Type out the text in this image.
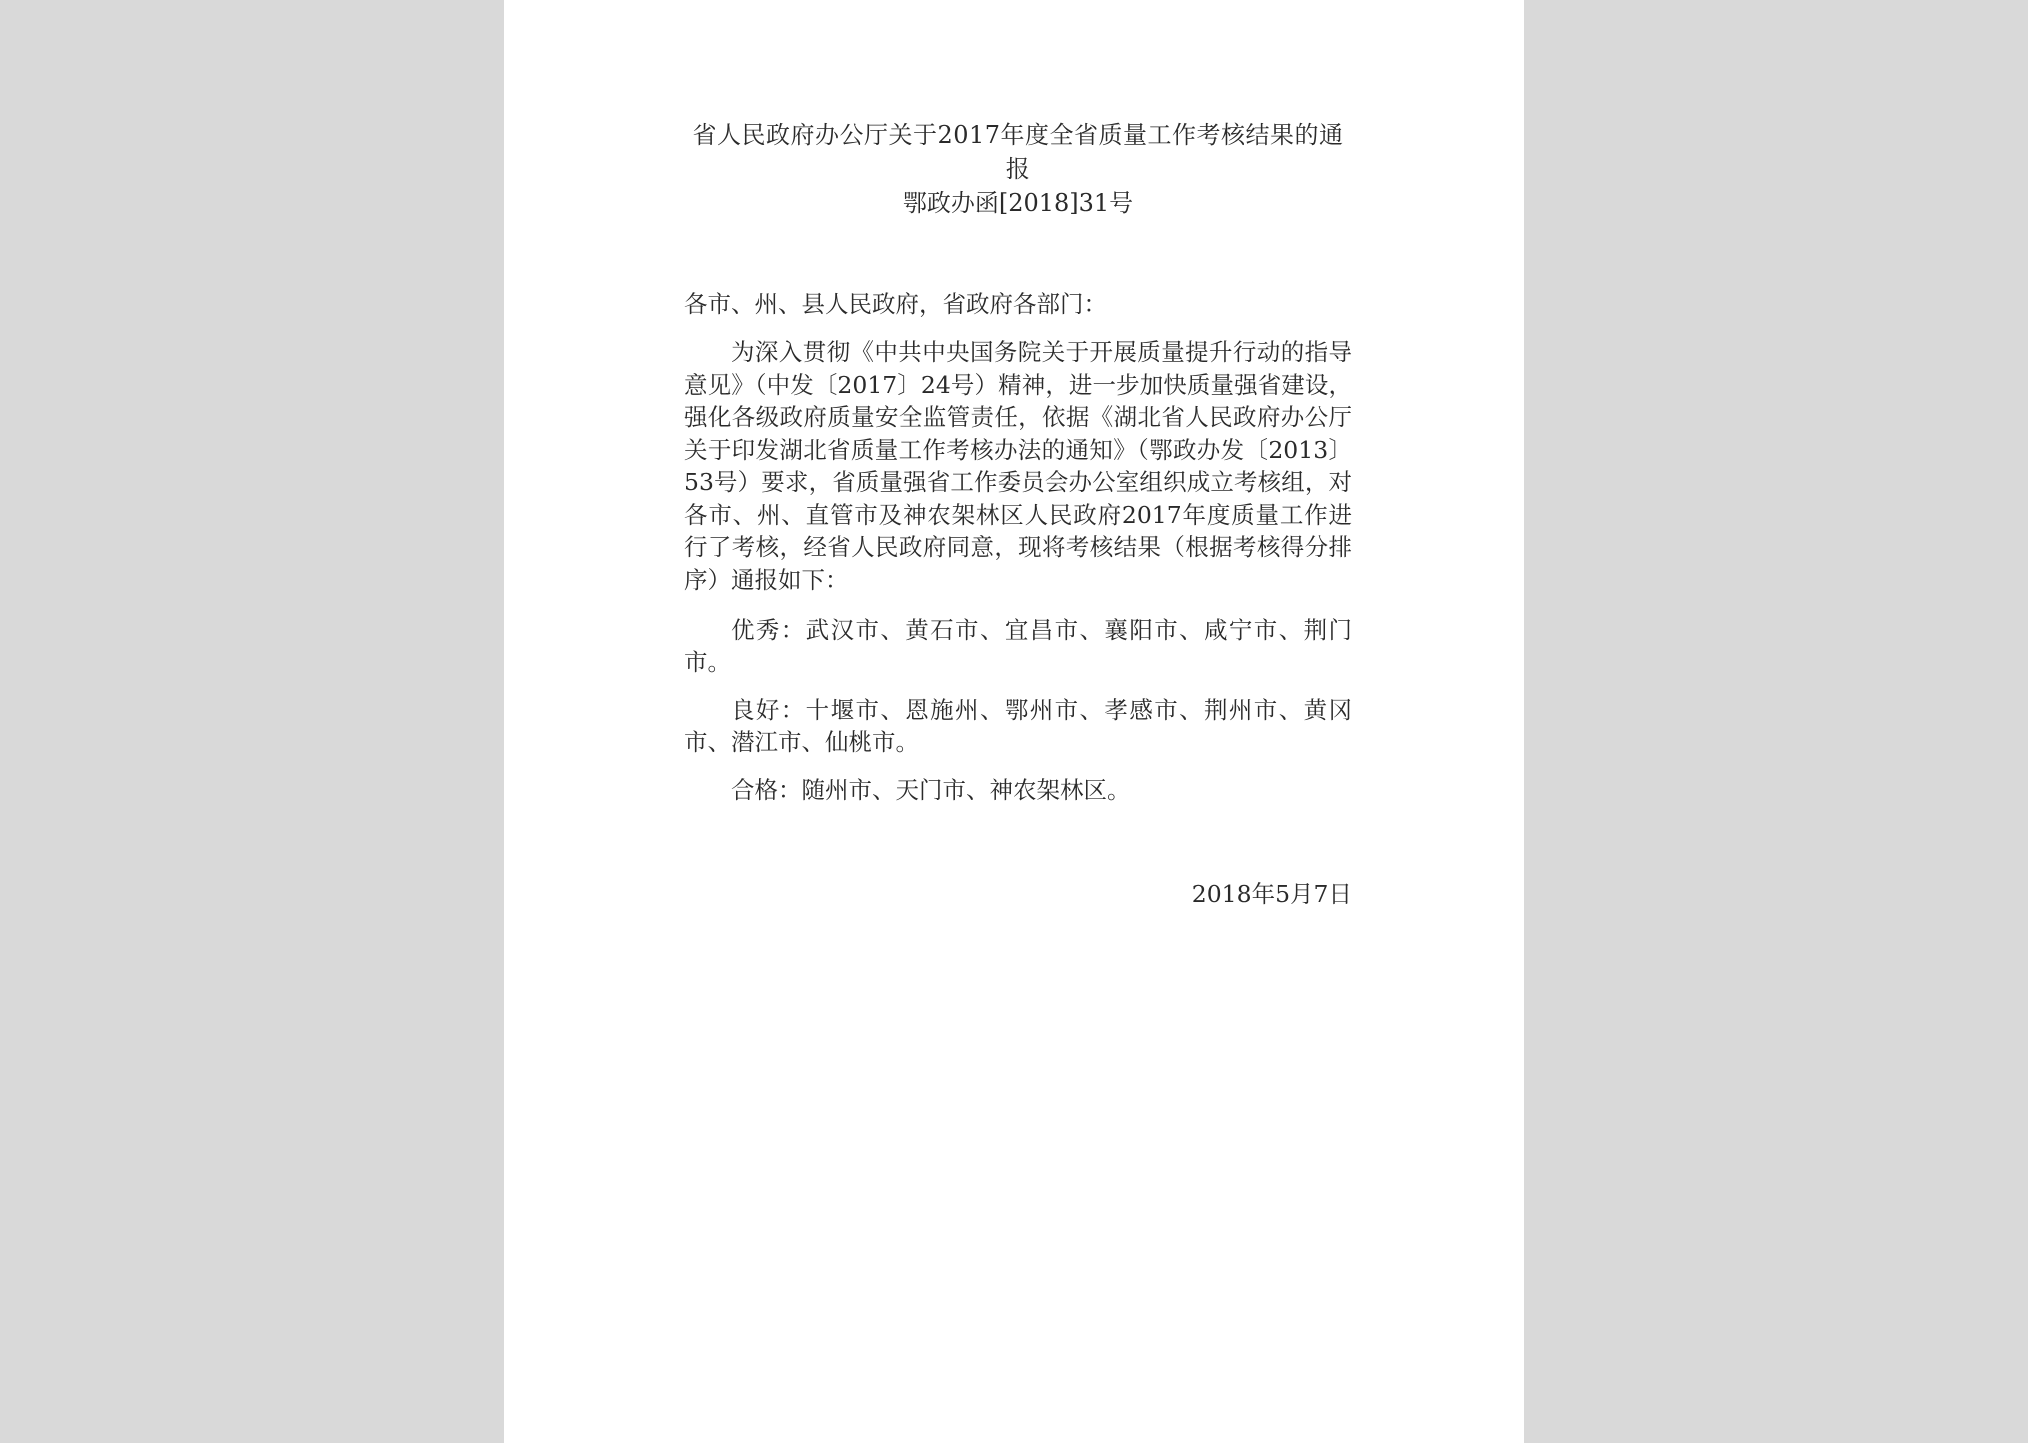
省人民政府办公厅关于2017年度全省质量工作考核结果的通报

鄂政办函[2018]31号

各市、州、县人民政府，省政府各部门：

为深入贯彻《中共中央国务院关于开展质量提升行动的指导意见》（中发〔2017〕24号）精神，进一步加快质量强省建设，强化各级政府质量安全监管责任，依据《湖北省人民政府办公厅关于印发湖北省质量工作考核办法的通知》（鄂政办发〔2013〕53号）要求，省质量强省工作委员会办公室组织成立考核组，对各市、州、直管市及神农架林区人民政府2017年度质量工作进行了考核，经省人民政府同意，现将考核结果（根据考核得分排序）通报如下：

优秀：武汉市、黄石市、宜昌市、襄阳市、咸宁市、荆门市。

良好：十堰市、恩施州、鄂州市、孝感市、荆州市、黄冈市、潜江市、仙桃市。

合格：随州市、天门市、神农架林区。

2018年5月7日
